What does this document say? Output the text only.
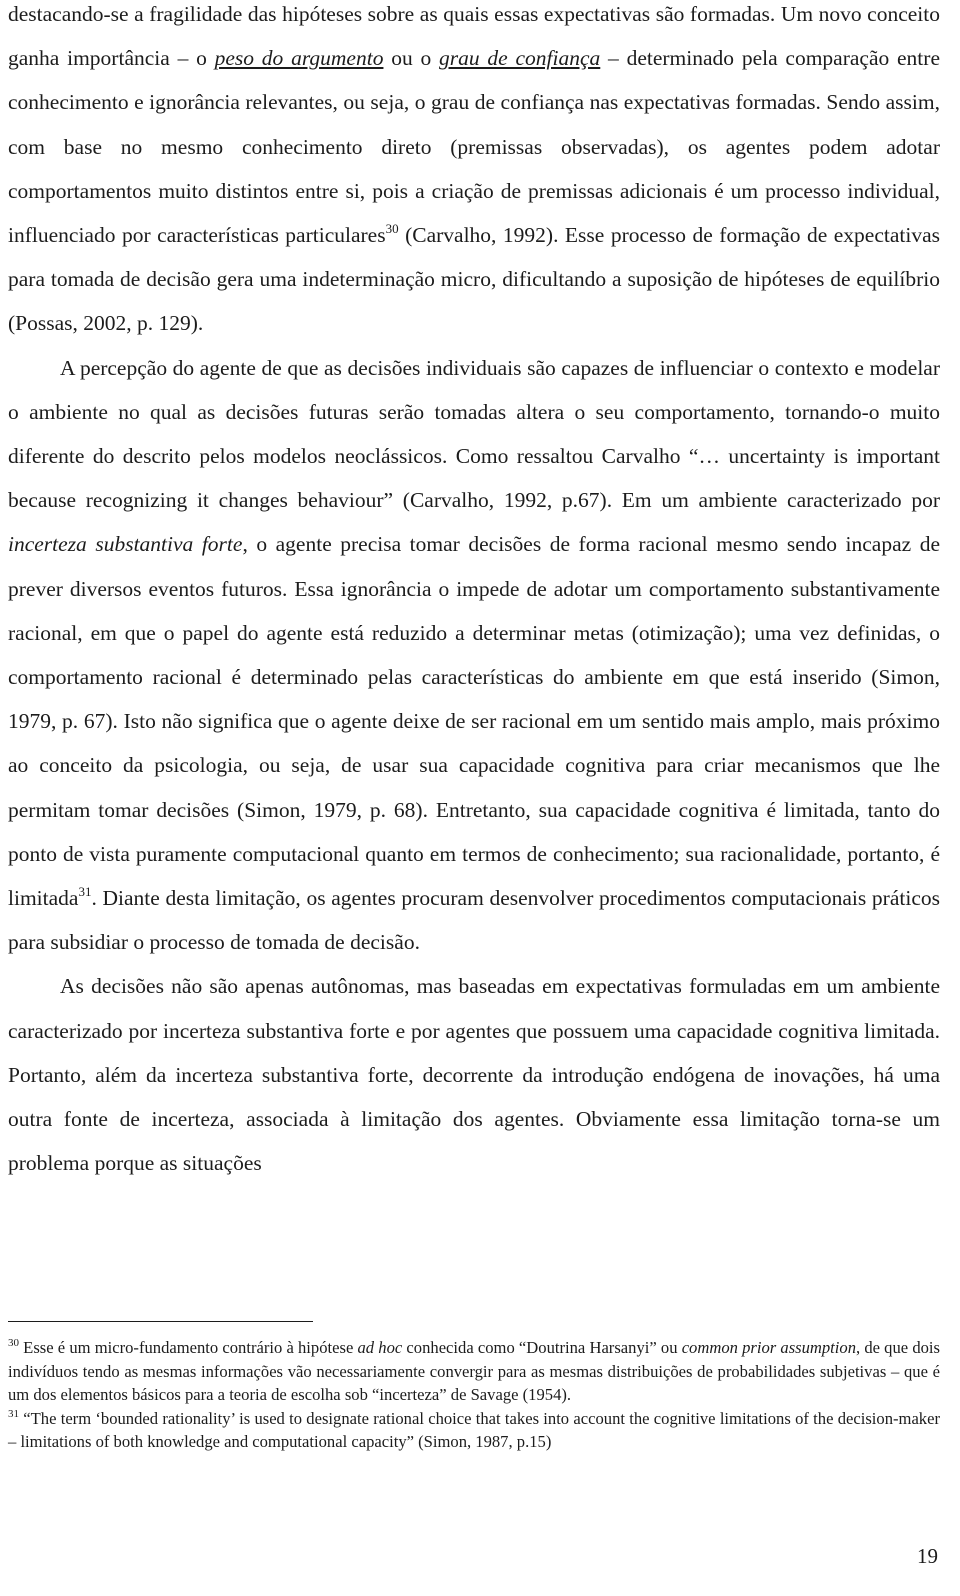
destacando-se a fragilidade das hipóteses sobre as quais essas expectativas são formadas. Um novo conceito ganha importância – o peso do argumento ou o grau de confiança – determinado pela comparação entre conhecimento e ignorância relevantes, ou seja, o grau de confiança nas expectativas formadas. Sendo assim, com base no mesmo conhecimento direto (premissas observadas), os agentes podem adotar comportamentos muito distintos entre si, pois a criação de premissas adicionais é um processo individual, influenciado por características particulares$^{30}$ (Carvalho, 1992). Esse processo de formação de expectativas para tomada de decisão gera uma indeterminação micro, dificultando a suposição de hipóteses de equilíbrio (Possas, 2002, p. 129).

A percepção do agente de que as decisões individuais são capazes de influenciar o contexto e modelar o ambiente no qual as decisões futuras serão tomadas altera o seu comportamento, tornando-o muito diferente do descrito pelos modelos neoclássicos. Como ressaltou Carvalho “… uncertainty is important because recognizing it changes behaviour” (Carvalho, 1992, p.67). Em um ambiente caracterizado por incerteza substantiva forte, o agente precisa tomar decisões de forma racional mesmo sendo incapaz de prever diversos eventos futuros. Essa ignorância o impede de adotar um comportamento substantivamente racional, em que o papel do agente está reduzido a determinar metas (otimização); uma vez definidas, o comportamento racional é determinado pelas características do ambiente em que está inserido (Simon, 1979, p. 67). Isto não significa que o agente deixe de ser racional em um sentido mais amplo, mais próximo ao conceito da psicologia, ou seja, de usar sua capacidade cognitiva para criar mecanismos que lhe permitam tomar decisões (Simon, 1979, p. 68). Entretanto, sua capacidade cognitiva é limitada, tanto do ponto de vista puramente computacional quanto em termos de conhecimento; sua racionalidade, portanto, é limitada$^{31}$. Diante desta limitação, os agentes procuram desenvolver procedimentos computacionais práticos para subsidiar o processo de tomada de decisão.

As decisões não são apenas autônomas, mas baseadas em expectativas formuladas em um ambiente caracterizado por incerteza substantiva forte e por agentes que possuem uma capacidade cognitiva limitada. Portanto, além da incerteza substantiva forte, decorrente da introdução endógena de inovações, há uma outra fonte de incerteza, associada à limitação dos agentes. Obviamente essa limitação torna-se um problema porque as situações

$^{30}$ Esse é um micro-fundamento contrário à hipótese ad hoc conhecida como “Doutrina Harsanyi” ou common prior assumption, de que dois indivíduos tendo as mesmas informações vão necessariamente convergir para as mesmas distribuições de probabilidades subjetivas – que é um dos elementos básicos para a teoria de escolha sob “incerteza” de Savage (1954).

$^{31}$ “The term ‘bounded rationality’ is used to designate rational choice that takes into account the cognitive limitations of the decision-maker – limitations of both knowledge and computational capacity” (Simon, 1987, p.15)

19
